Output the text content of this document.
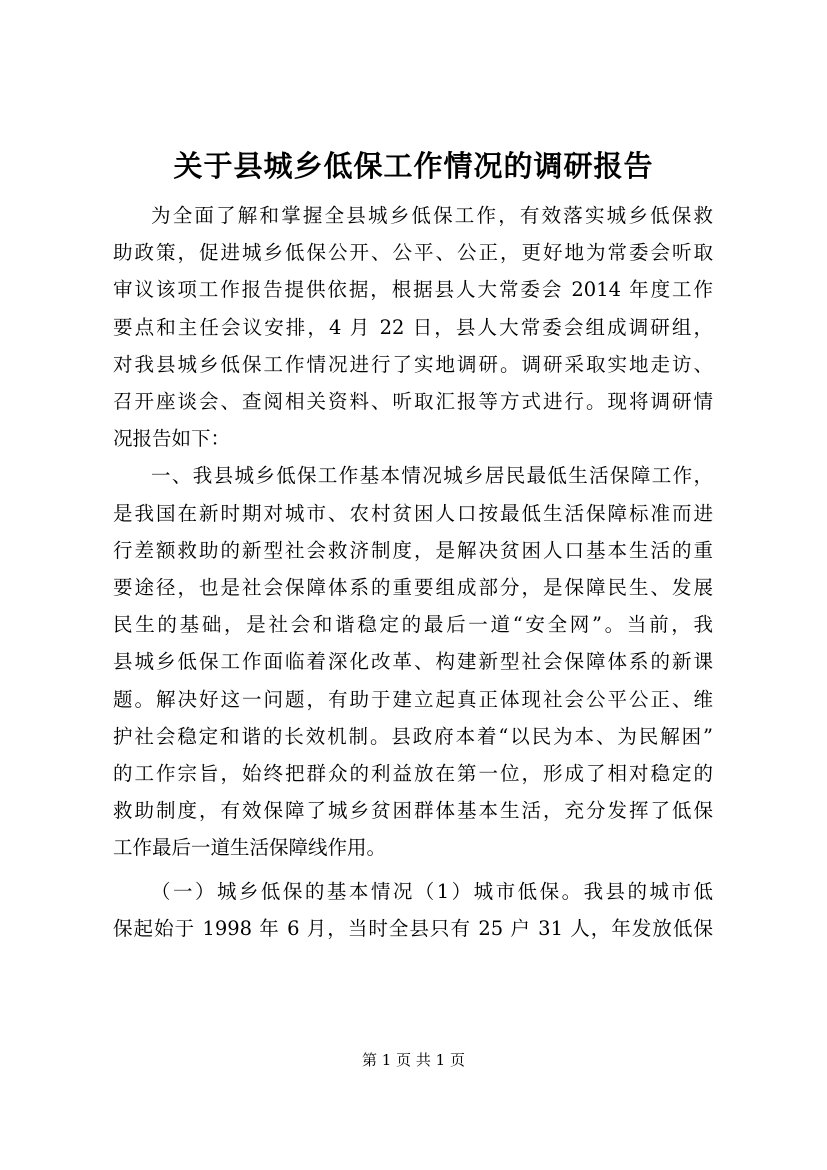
关于县城乡低保工作情况的调研报告
为全面了解和掌握全县城乡低保工作，有效落实城乡低保救
助政策，促进城乡低保公开、公平、公正，更好地为常委会听取
审议该项工作报告提供依据，根据县人大常委会 2014 年度工作
要点和主任会议安排，4 月 22 日，县人大常委会组成调研组，
对我县城乡低保工作情况进行了实地调研。调研采取实地走访、
召开座谈会、查阅相关资料、听取汇报等方式进行。现将调研情
况报告如下：
一、我县城乡低保工作基本情况城乡居民最低生活保障工作，
是我国在新时期对城市、农村贫困人口按最低生活保障标准而进
行差额救助的新型社会救济制度，是解决贫困人口基本生活的重
要途径，也是社会保障体系的重要组成部分，是保障民生、发展
民生的基础，是社会和谐稳定的最后一道“安全网”。当前，我
县城乡低保工作面临着深化改革、构建新型社会保障体系的新课
题。解决好这一问题，有助于建立起真正体现社会公平公正、维
护社会稳定和谐的长效机制。县政府本着“以民为本、为民解困”
的工作宗旨，始终把群众的利益放在第一位，形成了相对稳定的
救助制度，有效保障了城乡贫困群体基本生活，充分发挥了低保
工作最后一道生活保障线作用。
（一）城乡低保的基本情况（1）城市低保。我县的城市低
保起始于 1998 年 6 月，当时全县只有 25 户 31 人，年发放低保
第 1 页 共 1 页
